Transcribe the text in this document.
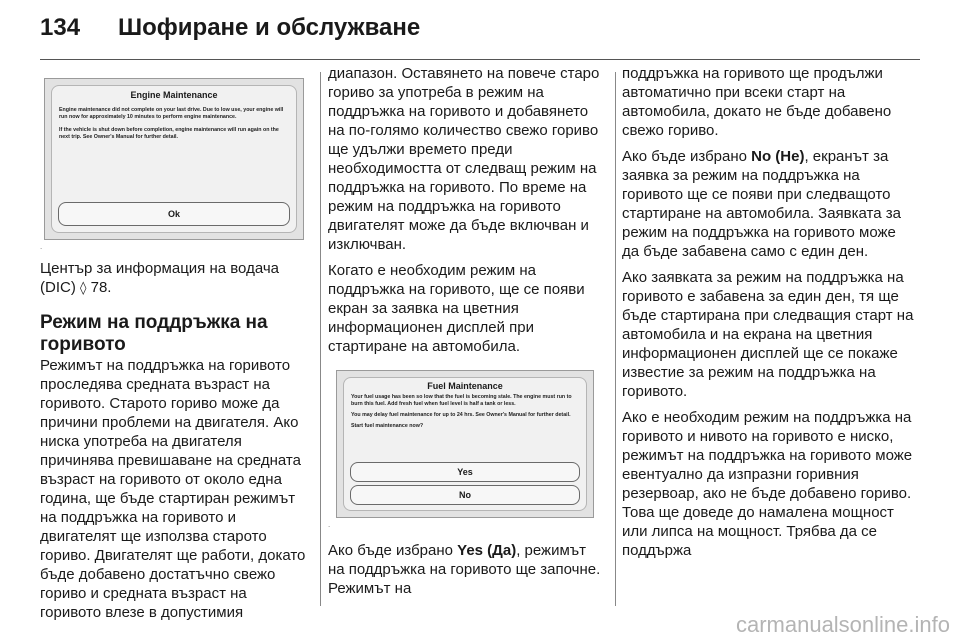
134 Шофиране и обслужване
Engine Maintenance
Engine maintenance did not complete on your last drive. Due to low use, your engine will run now for approximately 10 minutes to perform engine maintenance.
If the vehicle is shut down before completion, engine maintenance will run again on the next trip. See Owner's Manual for further detail.
Ok
.

Център за информация на водача (DIC) ◊ 78.

Режим на поддръжка на горивото

Режимът на поддръжка на горивото проследява средната възраст на горивото. Старото гориво може да причини проблеми на двигателя. Ако ниска употреба на двигателя причинява превишаване на средната възраст на горивото от около една година, ще бъде стартиран режимът на поддръжка на горивото и двигателят ще използва старото гориво. Двигателят ще работи, докато бъде добавено достатъчно свежо гориво и средната възраст на горивото влезе в допустимия

диапазон. Оставянето на повече старо гориво за употреба в режим на поддръжка на горивото и добавянето на по-голямо количество свежо гориво ще удължи времето преди необходимостта от следващ режим на поддръжка на горивото. По време на режим на поддръжка на горивото двигателят може да бъде включван и изключван.

Когато е необходим режим на поддръжка на горивото, ще се появи екран за заявка на цветния информационен дисплей при стартиране на автомобила.

Fuel Maintenance
Your fuel usage has been so low that the fuel is becoming stale. The engine must run to burn this fuel. Add fresh fuel when fuel level is half a tank or less.
You may delay fuel maintenance for up to 24 hrs. See Owner's Manual for further detail.
Start fuel maintenance now?
Yes
No
.

Ако бъде избрано Yes (Да), режимът на поддръжка на горивото ще започне. Режимът на

поддръжка на горивото ще продължи автоматично при всеки старт на автомобила, докато не бъде добавено свежо гориво.

Ако бъде избрано No (Не), екранът за заявка за режим на поддръжка на горивото ще се появи при следващото стартиране на автомобила. Заявката за режим на поддръжка на горивото може да бъде забавена само с един ден.

Ако заявката за режим на поддръжка на горивото е забавена за един ден, тя ще бъде стартирана при следващия старт на автомобила и на екрана на цветния информационен дисплей ще се покаже известие за режим на поддръжка на горивото.

Ако е необходим режим на поддръжка на горивото и нивото на горивото е ниско, режимът на поддръжка на горивото може евентуално да изпразни горивния резервоар, ако не бъде добавено гориво. Това ще доведе до намалена мощност или липса на мощност. Трябва да се поддържа

carmanualsonline.info
